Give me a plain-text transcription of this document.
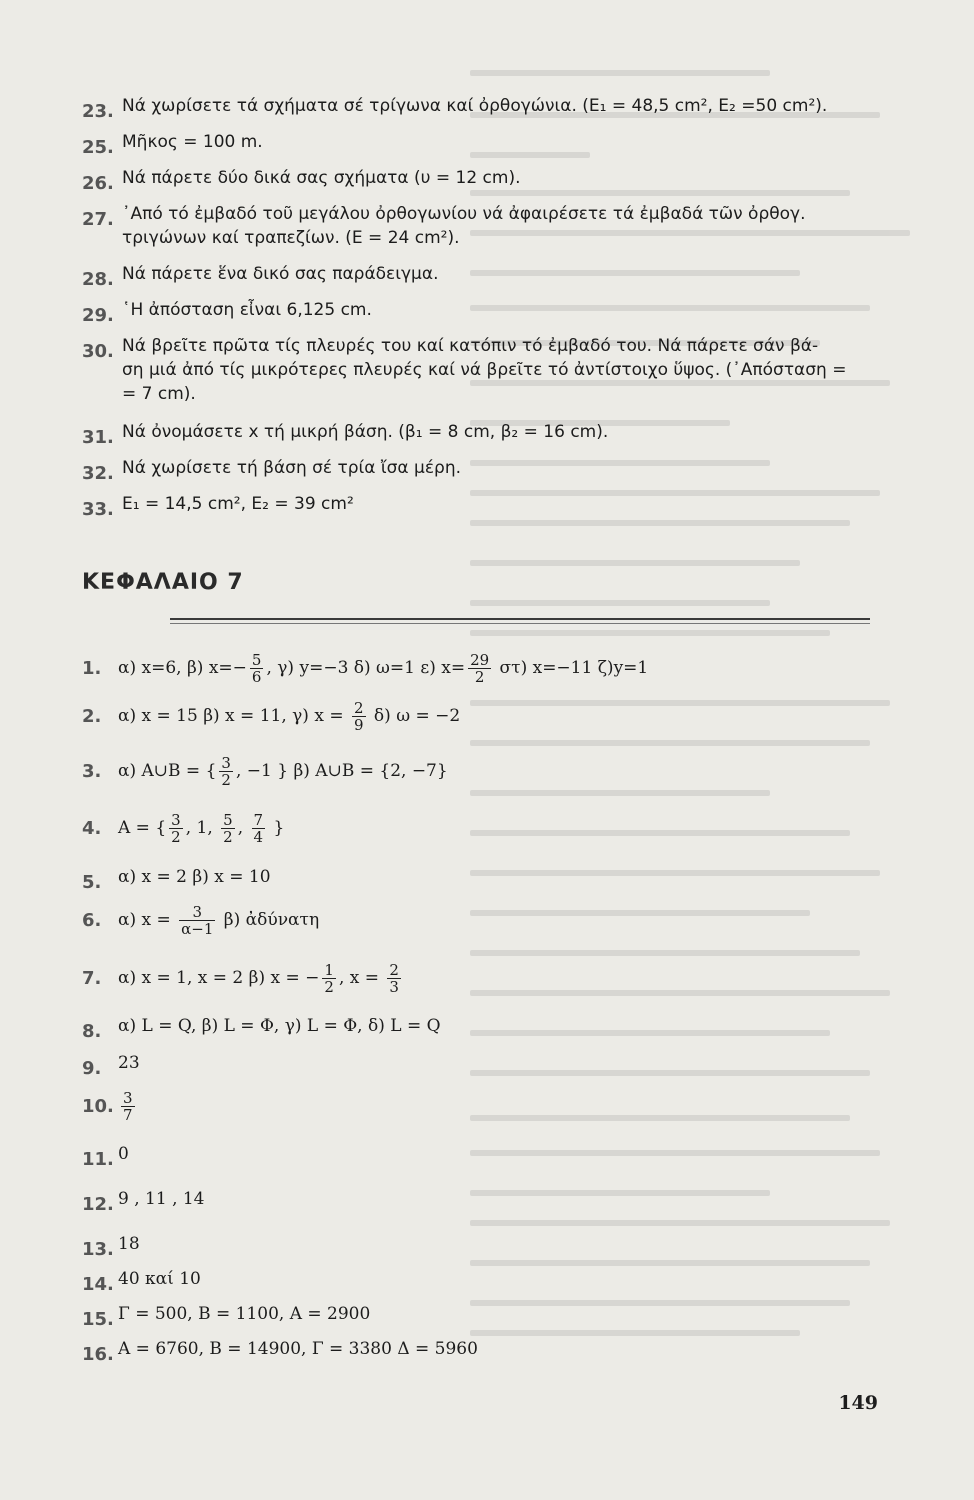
23. Νά χωρίσετε τά σχήματα σέ τρίγωνα καί ὀρθογώνια. (E₁ = 48,5 cm², E₂ =50 cm²).
25. Μῆκος = 100 m.
26. Νά πάρετε δύο δικά σας σχήματα (υ = 12 cm).
27. ᾿Από τό ἐμβαδό τοῦ μεγάλου ὀρθογωνίου νά ἀφαιρέσετε τά ἐμβαδά τῶν ὀρθογ.
τριγώνων καί τραπεζίων. (E = 24 cm²).
28. Νά πάρετε ἕνα δικό σας παράδειγμα.
29. ῾Η ἀπόσταση εἶναι 6,125 cm.
30. Νά βρεῖτε πρῶτα τίς πλευρές του καί κατόπιν τό ἐμβαδό του. Νά πάρετε σάν βά-
ση μιά ἀπό τίς μικρότερες πλευρές καί νά βρεῖτε τό ἀντίστοιχο ὕψος. (᾿Απόσταση =
= 7 cm).
31. Νά ὀνομάσετε x τή μικρή βάση. (β₁ = 8 cm, β₂ = 16 cm).
32. Νά χωρίσετε τή βάση σέ τρία ἴσα μέρη.
33. E₁ = 14,5 cm², E₂ = 39 cm²
ΚΕΦΑΛΑΙΟ 7
1. α) x=6, β) $x=- \frac{5}{6}$ , γ) y=−3 δ) ω=1 ε) $x= \frac{29}{2} \sigma\tau$) x=−11 ζ)y=1
2. α) x = 15 β) x = 11, γ) $x = \frac{2}{9} \delta$) ω = −2
3. α) A∪B = { $\frac{3}{2}$ , −1 } β) A∪B = {2, −7}
4. A = { $\frac{3}{2}$ , 1, $\frac{5}{2}$ , $\frac{7}{4}$ }
5. α) x = 2 β) x = 10
6. α) $x = \frac{3}{\alpha-1} \beta$) ἀδύνατη
7. α) x = 1, x = 2 β) x = − $\frac{1}{2}$ , $x = \frac{2}{3}$
8. α) L = Q, β) L = Φ, γ) L = Φ, δ) L = Q
9. 23
10. $\frac{3}{7}$
11. 0
12. 9 , 11 , 14
13. 18
14. 40 καί 10
15. Γ = 500, B = 1100, A = 2900
16. A = 6760, B = 14900, Γ = 3380 Δ = 5960
149
